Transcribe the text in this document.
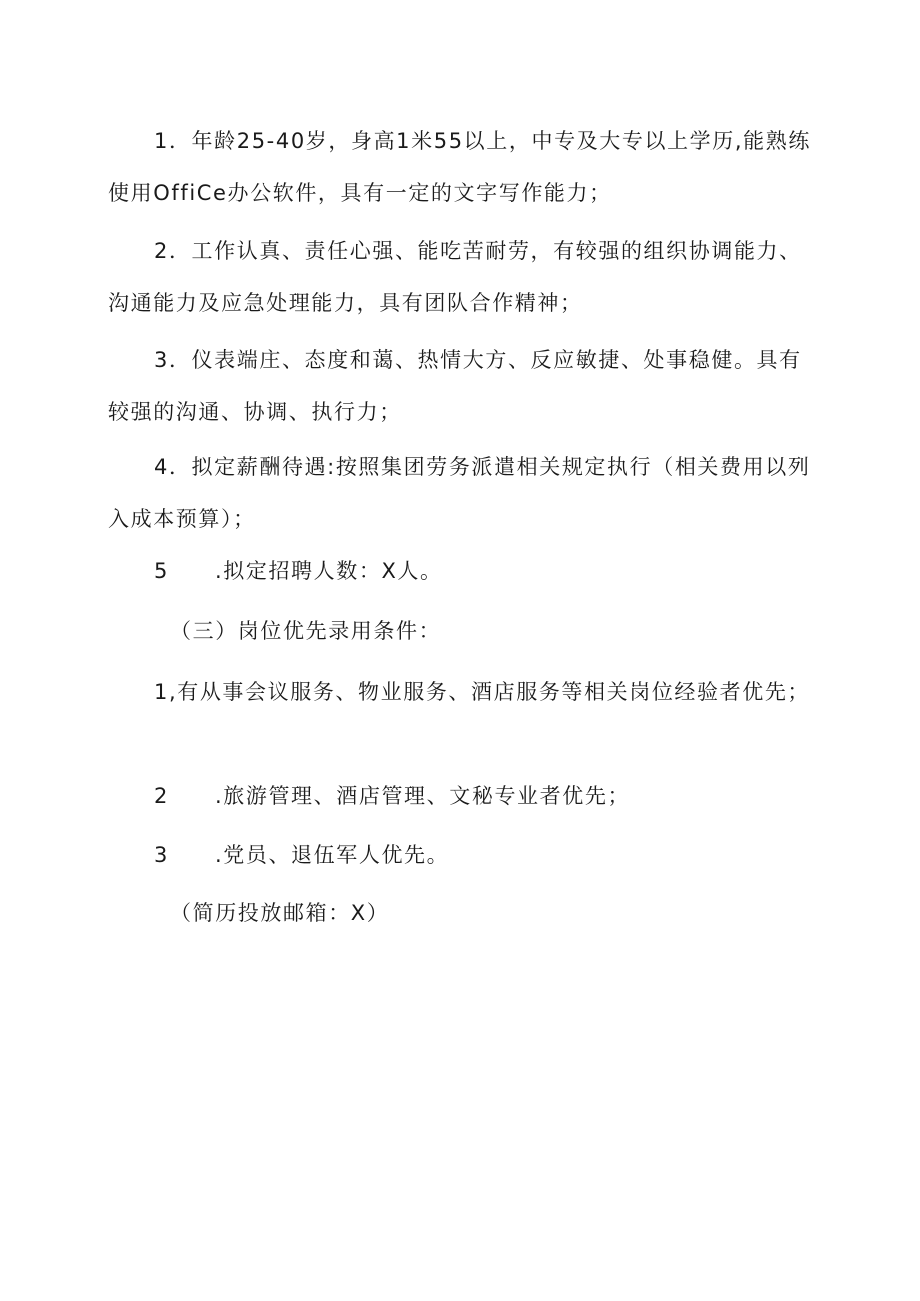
1．年龄25-40岁，身高1米55以上，中专及大专以上学历,能熟练使用OffiCe办公软件，具有一定的文字写作能力；

2．工作认真、责任心强、能吃苦耐劳，有较强的组织协调能力、沟通能力及应急处理能力，具有团队合作精神；

3．仪表端庄、态度和蔼、热情大方、反应敏捷、处事稳健。具有较强的沟通、协调、执行力；

4．拟定薪酬待遇:按照集团劳务派遣相关规定执行（相关费用以列入成本预算）；

5 .拟定招聘人数：X人。

（三）岗位优先录用条件：

1,有从事会议服务、物业服务、酒店服务等相关岗位经验者优先；

2 .旅游管理、酒店管理、文秘专业者优先；

3 .党员、退伍军人优先。

（简历投放邮箱：X）
